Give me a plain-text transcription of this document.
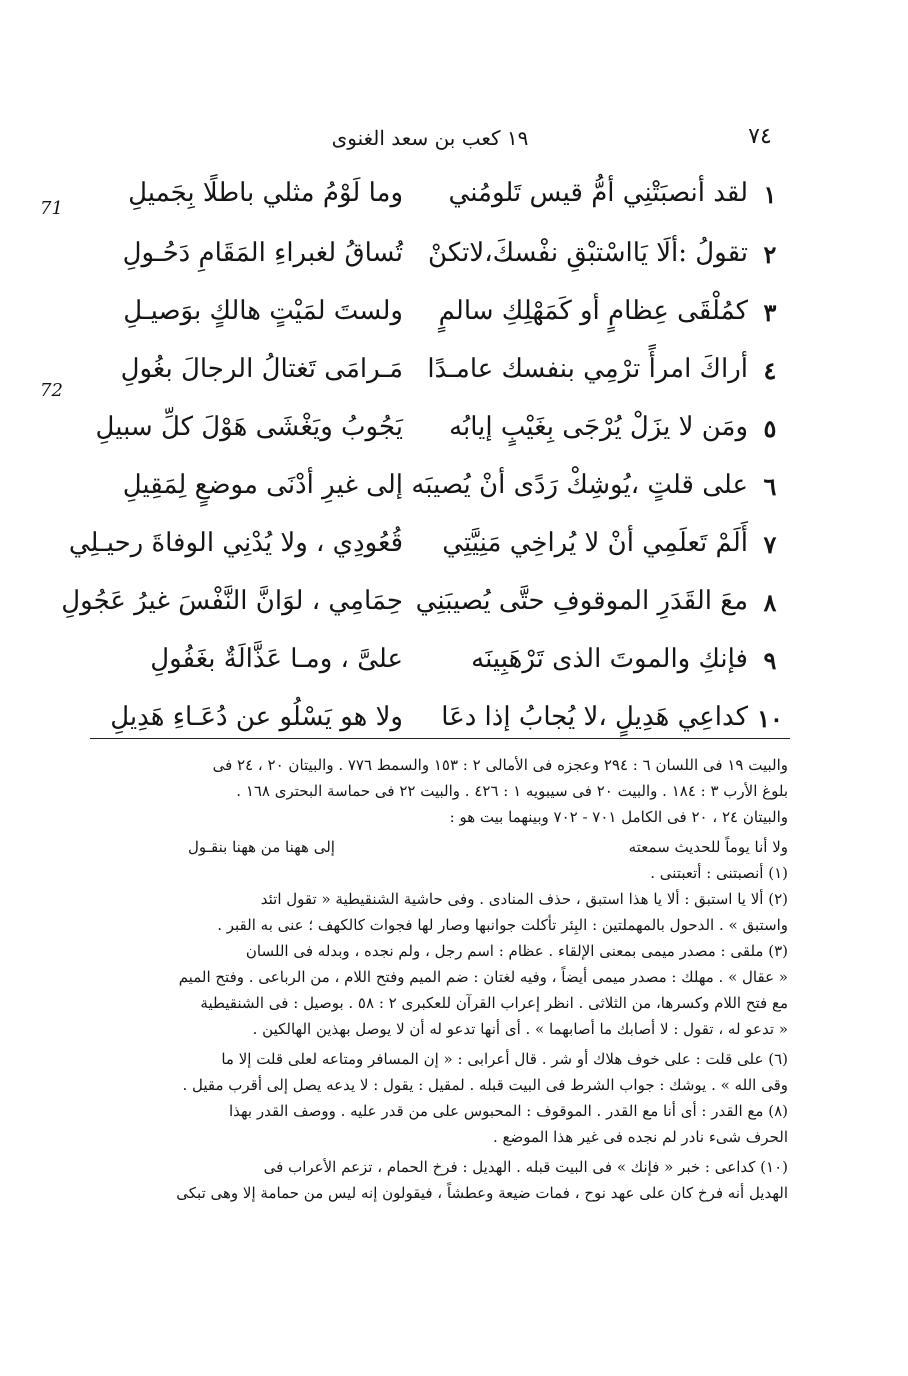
٧٤
١٩ كعب بن سعد الغنوى
71
72
١
لقد أنصبَتْنِي أمُّ قيس تَلومُني
وما لَوْمُ مثلي باطلًا بِجَميلِ
٢
تقولُ :ألَا يَااسْتبْقِ نفْسكَ،لاتكنْ
تُساقُ لغبراءِ المَقَامِ دَحُـولِ
٣
كمُلْقَى عِظامٍ أو كَمَهْلِكِ سالمٍ
ولستَ لمَيْتٍ هالكٍ بوَصيـلِ
٤
أراكَ امرأً ترْمِي بنفسك عامـدًا
مَـرامَى تَغتالُ الرجالَ بغُولِ
٥
ومَن لا يزَلْ يُرْجَى بِغَيْبٍ إيابُه
يَجُوبُ ويَغْشَى هَوْلَ كلِّ سبيلِ
٦
على قلتٍ ،يُوشِكْ رَدًى أنْ يُصيبَه
إلى غيرِ أدْنَى موضعٍ لِمَقِيلِ
٧
أَلَمْ تَعلَمِي أنْ لا يُراخِي مَنِيَّتِي
قُعُودِي ، ولا يُدْنِي الوفاةَ رحيـلِي
٨
معَ القَدَرِ الموقوفِ حتَّى يُصيبَنِي
حِمَامِي ، لوَانَّ النَّفْسَ غيرُ عَجُولِ
٩
فإنكِ والموتَ الذى تَرْهَبِينَه
علىَّ ، ومـا عَذَّالَةٌ بغَفُولِ
١٠
كداعِي هَدِيلٍ ،لا يُجابُ إذا دعَا
ولا هو يَسْلُو عن دُعَـاءِ هَدِيلِ

والبيت ١٩ فى اللسان ٦ : ٢٩٤ وعجزه فى الأمالى ٢ : ١٥٣ والسمط ٧٧٦ . والبيتان ٢٠ ، ٢٤ فى

بلوغ الأرب ٣ : ١٨٤ . والبيت ٢٠ فى سيبويه ١ : ٤٢٦ . والبيت ٢٢ فى حماسة البحترى ١٦٨ .

والبيتان ٢٤ ، ٢٠ فى الكامل ٧٠١ - ٧٠٢ وبينهما بيت هو :

ولا أنا يوماً للحديث سمعته
إلى ههنا من ههنا بنقـول

(١) أنصبتنى : أتعبتنى .

(٢) ألا يا استبق : ألا يا هذا استبق ، حذف المنادى . وفى حاشية الشنقيطية « تقول اتئد

واستبق » . الدحول بالمهملتين : البِئر تأكلت جوانبها وصار لها فجوات كالكهف ؛ عنى به القبر .

(٣) ملقى : مصدر ميمى بمعنى الإلقاء . عظام : اسم رجل ، ولم نجده ، وبدله فى اللسان

« عقال » . مهلك : مصدر ميمى أيضاً ، وفيه لغتان : ضم الميم وفتح اللام ، من الرباعى . وفتح الميم

مع فتح اللام وكسرها، من الثلاثى . انظر إعراب القرآن للعكبرى ٢ : ٥٨ . بوصيل : فى الشنقيطية

« تدعو له ، تقول : لا أصابك ما أصابهما » . أى أنها تدعو له أن لا يوصل بهذين الهالكين .

(٦) على قلت : على خوف هلاك أو شر . قال أعرابى : « إن المسافر ومتاعه لعلى قلت إلا ما

وقى الله » . يوشك : جواب الشرط فى البيت قبله . لمقيل : يقول : لا يدعه يصل إلى أقرب مقيل .

(٨) مع القدر : أى أنا مع القدر . الموقوف : المحبوس على من قدر عليه . ووصف القدر بهذا

الحرف شىء نادر لم نجده فى غير هذا الموضع .

(١٠) كداعى : خبر « فإنك » فى البيت قبله . الهديل : فرخ الحمام ، تزعم الأعراب فى

الهديل أنه فرخ كان على عهد نوح ، فمات ضيعة وعطشاً ، فيقولون إنه ليس من حمامة إلا وهى تبكى
